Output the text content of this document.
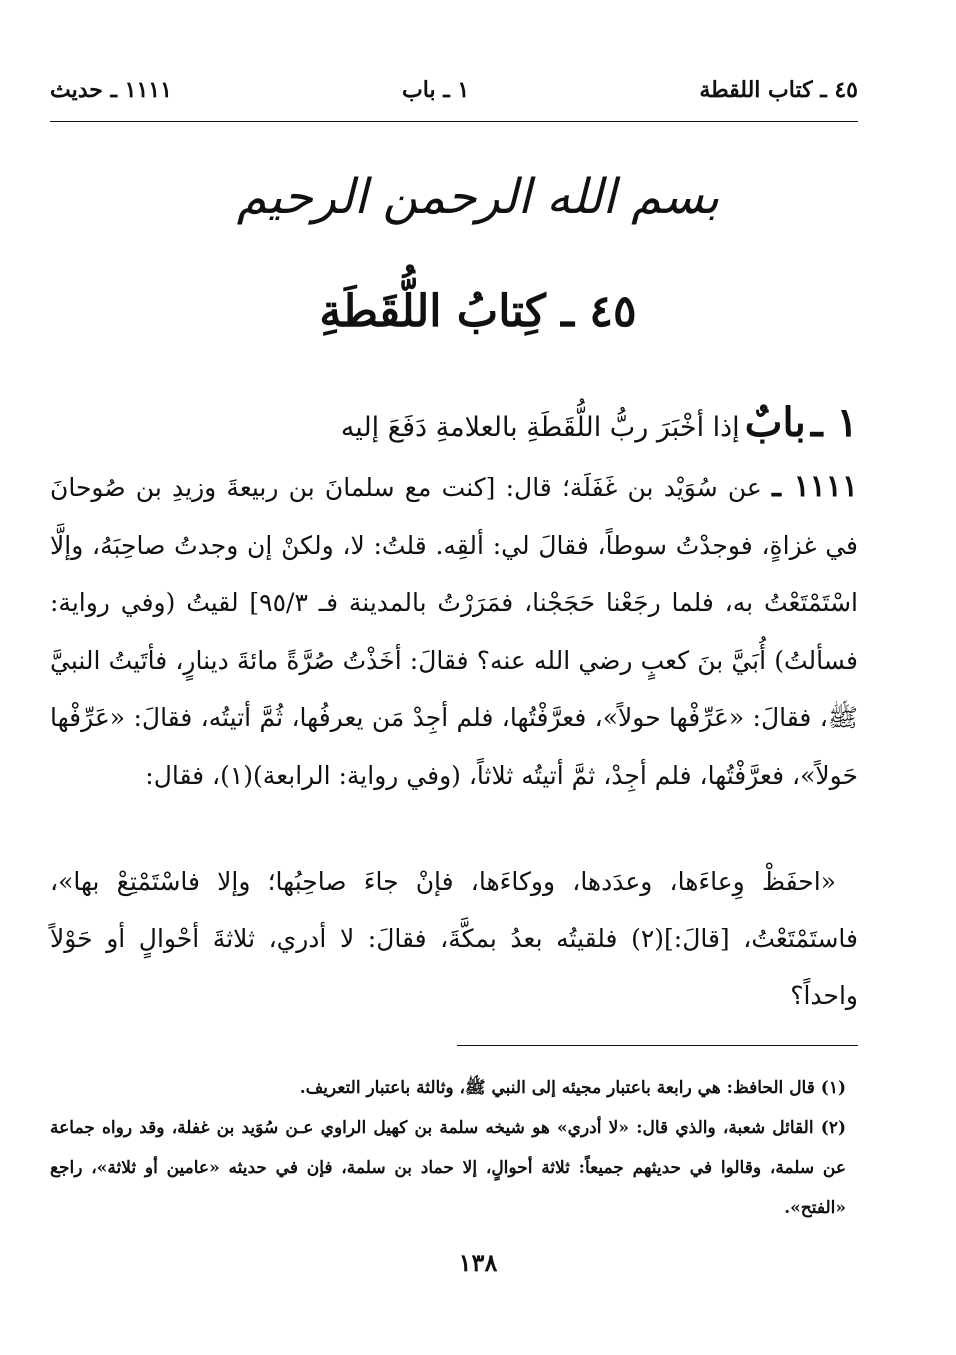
٤٥ ـ كتاب اللقطة
١ ـ باب
١١١١ ـ حديث
بسم الله الرحمن الرحيم
٤٥ ـ كِتابُ اللُّقَطَةِ
١ ـ بابٌ إذا أخْبَرَ ربُّ اللُّقَطَةِ بالعلامةِ دَفَعَ إليه
١١١١ ـ عن سُوَيْد بن غَفَلَة؛ قال: [كنت مع سلمانَ بن ربيعةَ وزيدِ بن صُوحانَ في غزاةٍ، فوجدْتُ سوطاً، فقالَ لي: ألقِه. قلتُ: لا، ولكنْ إن وجدتُ صاحِبَهُ، وإلَّا اسْتَمْتَعْتُ به، فلما رجَعْنا حَجَجْنا، فمَرَرْتُ بالمدينة فـ ٩٥/٣] لقيتُ (وفي رواية: فسألتُ) أُبَيَّ بنَ كعبٍ رضي الله عنه؟ فقالَ: أخَذْتُ صُرَّةً مائةَ دينارٍ، فأتَيتُ النبيَّ ﷺ، فقالَ: «عَرِّفْها حولاً»، فعرَّفْتُها، فلم أجِدْ مَن يعرفُها، ثُمَّ أتيتُه، فقالَ: «عَرِّفْها حَولاً»، فعرَّفْتُها، فلم أجِدْ، ثمَّ أتيتُه ثلاثاً، (وفي رواية: الرابعة)(١)، فقال:
«احفَظْ وِعاءَها، وعدَدها، ووكاءَها، فإنْ جاءَ صاحِبُها؛ وإلا فاسْتَمْتِعْ بها»، فاستَمْتَعْتُ، [قالَ:](٢) فلقيتُه بعدُ بمكَّةَ، فقالَ: لا أدري، ثلاثةَ أحْوالٍ أو حَوْلاً واحداً؟

(١) قال الحافظ: هي رابعة باعتبار مجيئه إلى النبي ﷺ، وثالثة باعتبار التعريف.

(٢) القائل شعبة، والذي قال: «لا أدري» هو شيخه سلمة بن كهيل الراوي عـن سُوَيد بن غفلة، وقد رواه جماعة عن سلمة، وقالوا في حديثهم جميعاً: ثلاثة أحوالٍ، إلا حماد بن سلمة، فإن في حديثه «عامين أو ثلاثة»، راجع «الفتح».

١٣٨
